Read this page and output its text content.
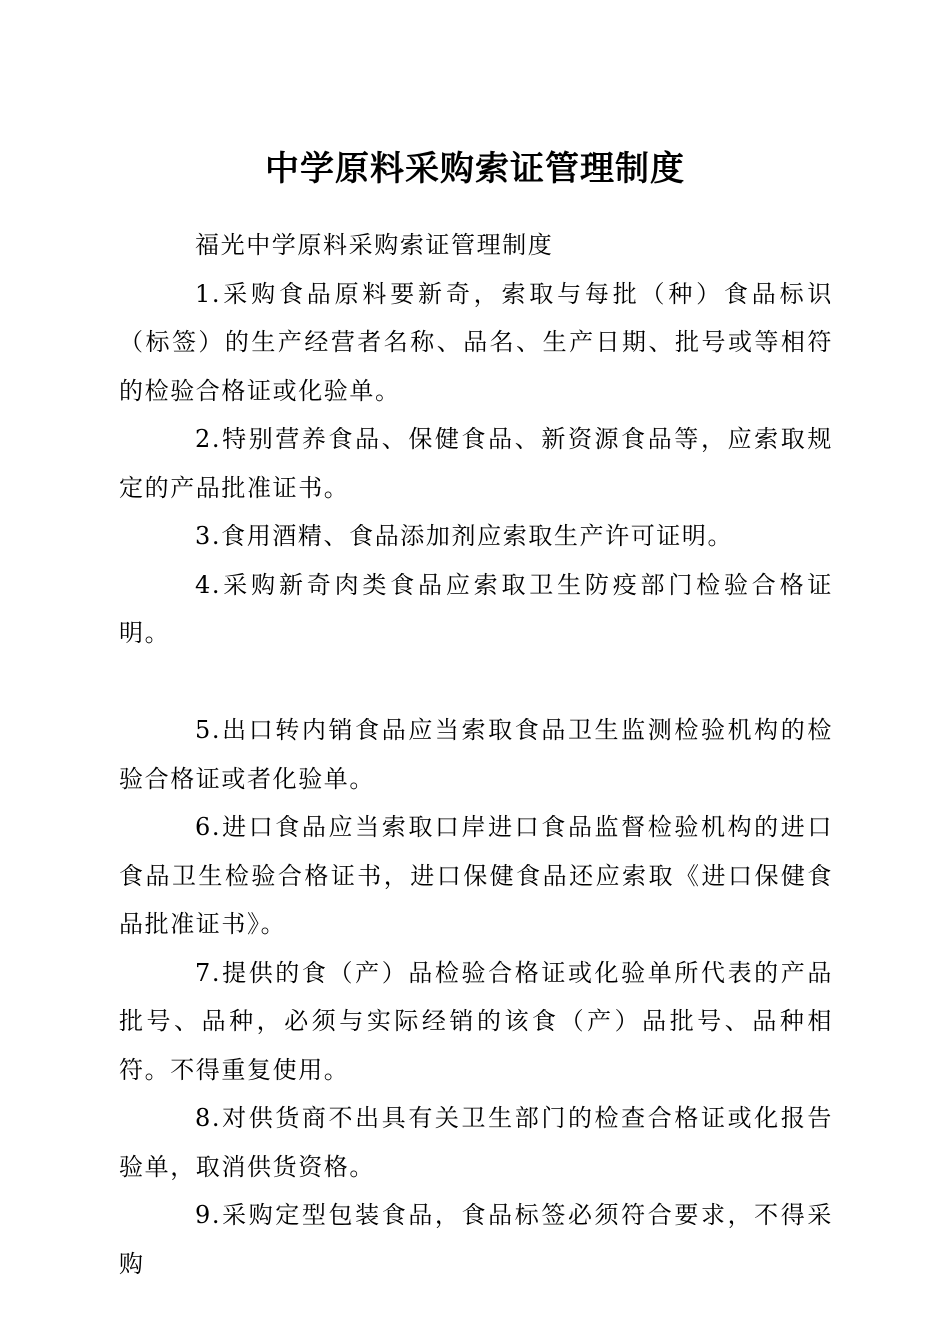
中学原料采购索证管理制度

福光中学原料采购索证管理制度

1.采购食品原料要新奇，索取与每批（种）食品标识（标签）的生产经营者名称、品名、生产日期、批号或等相符的检验合格证或化验单。

2.特别营养食品、保健食品、新资源食品等，应索取规定的产品批准证书。

3.食用酒精、食品添加剂应索取生产许可证明。

4.采购新奇肉类食品应索取卫生防疫部门检验合格证明。

5.出口转内销食品应当索取食品卫生监测检验机构的检验合格证或者化验单。

6.进口食品应当索取口岸进口食品监督检验机构的进口食品卫生检验合格证书，进口保健食品还应索取《进口保健食品批准证书》。

7.提供的食（产）品检验合格证或化验单所代表的产品批号、品种，必须与实际经销的该食（产）品批号、品种相符。不得重复使用。

8.对供货商不出具有关卫生部门的检查合格证或化报告验单，取消供货资格。

9.采购定型包装食品，食品标签必须符合要求，不得采购
